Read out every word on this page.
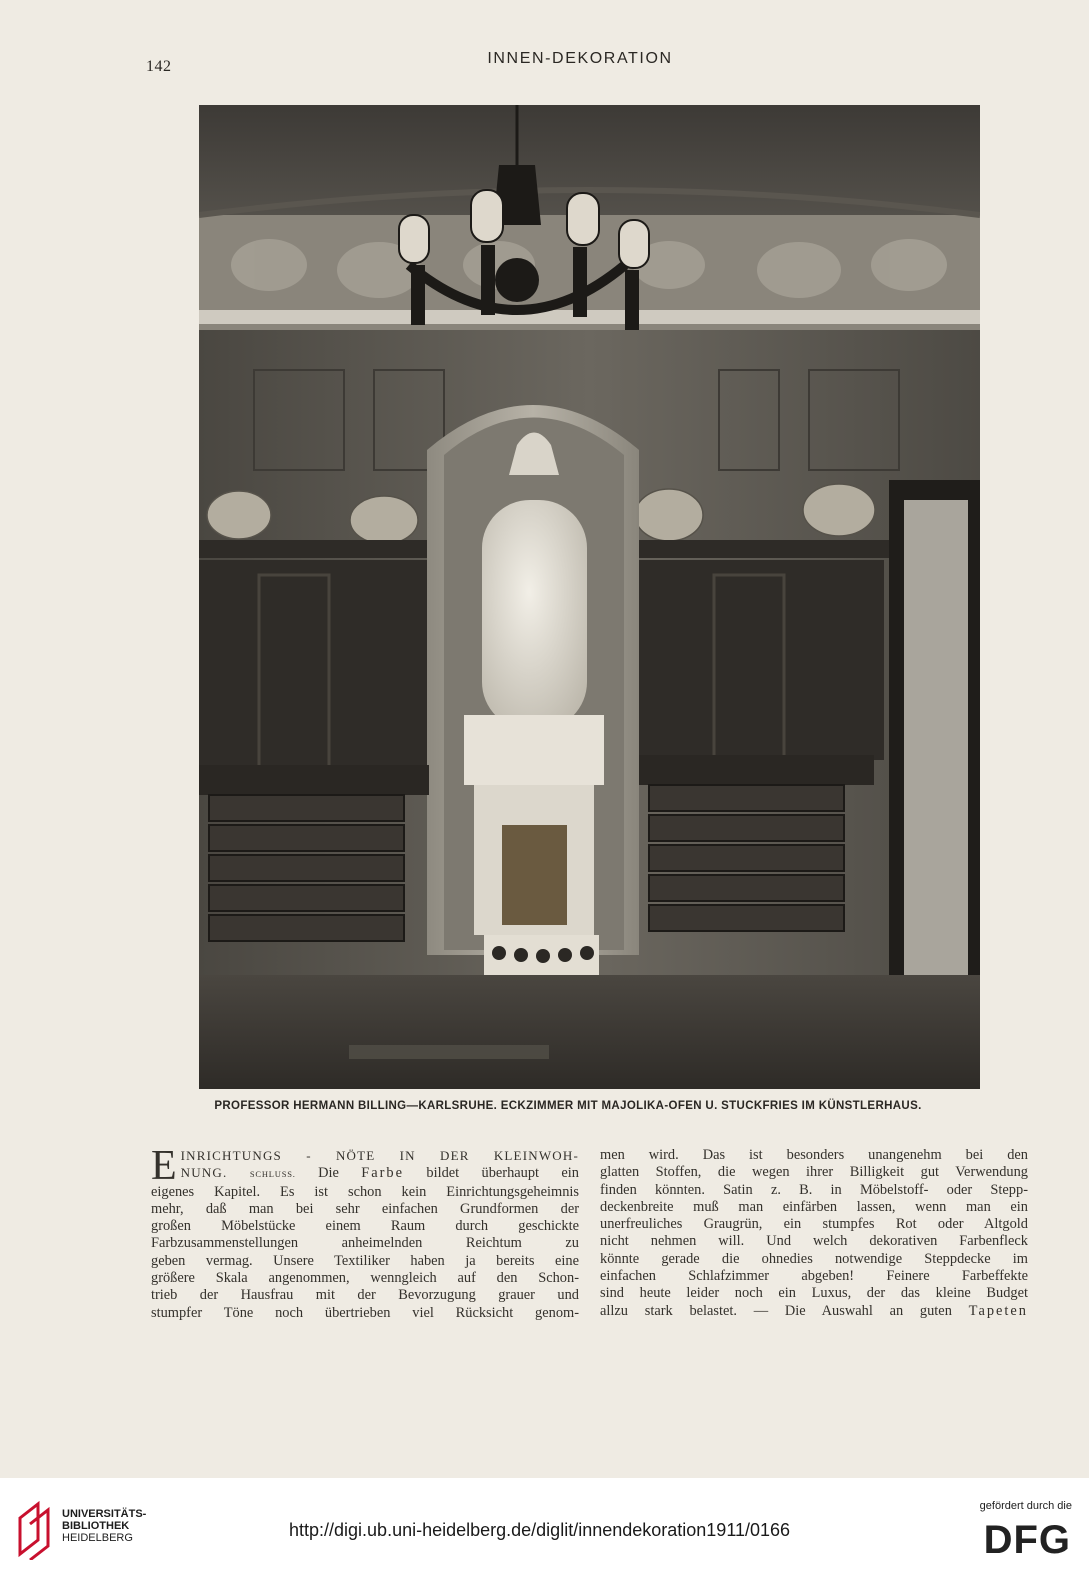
142	INNEN-DEKORATION
PROFESSOR HERMANN BILLING—KARLSRUHE. ECKZIMMER MIT MAJOLIKA-OFEN U. STUCKFRIES IM KÜNSTLERHAUS.
E INRICHTUNGS - NÖTE IN DER KLEINWOH-
NUNG.	SCHLUSS. Die Farbe bildet überhaupt ein
eigenes Kapitel. Es ist schon kein Einrichtungsgeheimnis
mehr, daß man bei sehr einfachen Grundformen der
großen Möbelstücke einem Raum durch geschickte
Farbzusammenstellungen anheimelnden Reichtum zu
geben vermag. Unsere Textiliker haben ja bereits eine
größere Skala angenommen, wenngleich auf den Schon-
trieb der Hausfrau mit der Bevorzugung grauer und
stumpfer Töne noch übertrieben viel Rücksicht genom-
men wird. Das ist besonders unangenehm bei den
glatten Stoffen, die wegen ihrer Billigkeit gut Verwendung
finden könnten. Satin z. B. in Möbelstoff- oder Stepp-
deckenbreite muß man einfärben lassen, wenn man ein
unerfreuliches Graugrün, ein stumpfes Rot oder Altgold
nicht nehmen will. Und welch dekorativen Farbenfleck
könnte gerade die ohnedies notwendige Steppdecke im
einfachen Schlafzimmer abgeben! Feinere Farbeffekte
sind heute leider noch ein Luxus, der das kleine Budget
allzu stark belastet. — Die Auswahl an guten Tapeten
UNIVERSITÄTS-
BIBLIOTHEK
HEIDELBERG	http://digi.ub.uni-heidelberg.de/diglit/innendekoration1911/0166
gefördert durch die
DFG
